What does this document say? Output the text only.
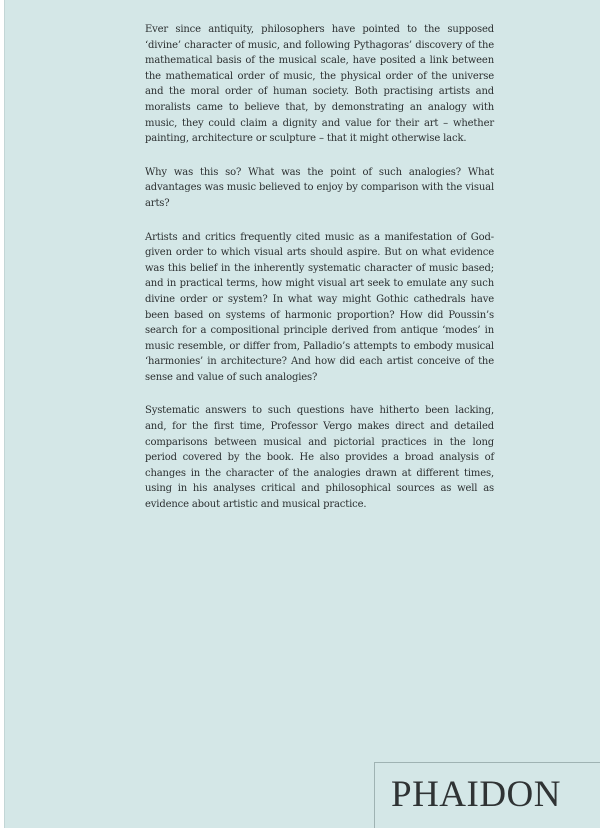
Ever since antiquity, philosophers have pointed to the supposed ‘divine’ character of music, and following Pythagoras’ discovery of the mathematical basis of the musical scale, have posited a link between the mathematical order of music, the physical order of the universe and the moral order of human society. Both practising artists and moralists came to believe that, by demonstrating an analogy with music, they could claim a dignity and value for their art – whether painting, architecture or sculpture – that it might otherwise lack.

Why was this so? What was the point of such analogies? What advantages was music believed to enjoy by comparison with the visual arts?

Artists and critics frequently cited music as a manifestation of God-given order to which visual arts should aspire. But on what evidence was this belief in the inherently systematic character of music based; and in practical terms, how might visual art seek to emulate any such divine order or system? In what way might Gothic cathedrals have been based on systems of harmonic proportion? How did Poussin’s search for a compositional principle derived from antique ‘modes’ in music resemble, or differ from, Palladio’s attempts to embody musical ‘harmonies’ in architecture? And how did each artist conceive of the sense and value of such analogies?

Systematic answers to such questions have hitherto been lacking, and, for the first time, Professor Vergo makes direct and detailed comparisons between musical and pictorial practices in the long period covered by the book. He also provides a broad analysis of changes in the character of the analogies drawn at different times, using in his analyses critical and philosophical sources as well as evidence about artistic and musical practice.

PHAIDON
